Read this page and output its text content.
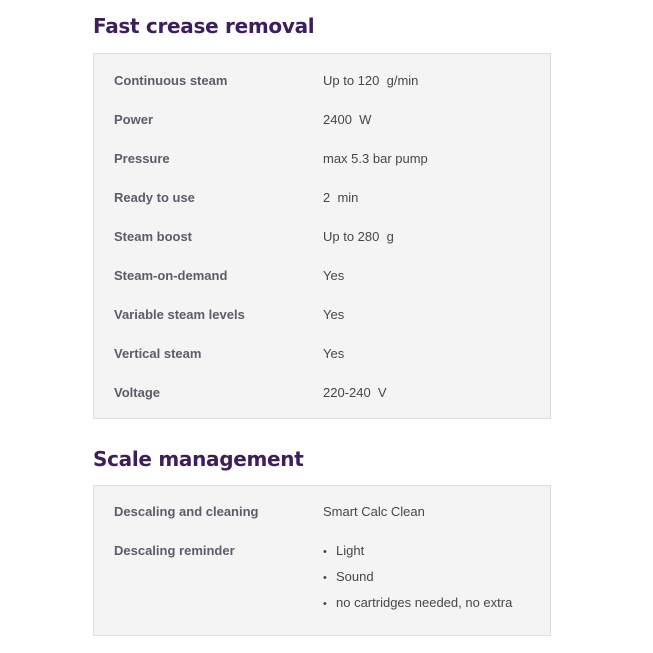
Fast crease removal
Continuous steam	Up to 120  g/min
Power	2400  W
Pressure	max 5.3 bar pump
Ready to use	2  min
Steam boost	Up to 280  g
Steam-on-demand	Yes
Variable steam levels	Yes
Vertical steam	Yes
Voltage	220-240  V
Scale management
Descaling and cleaning	Smart Calc Clean
Descaling reminder	• Light
• Sound
• no cartridges needed, no extra
